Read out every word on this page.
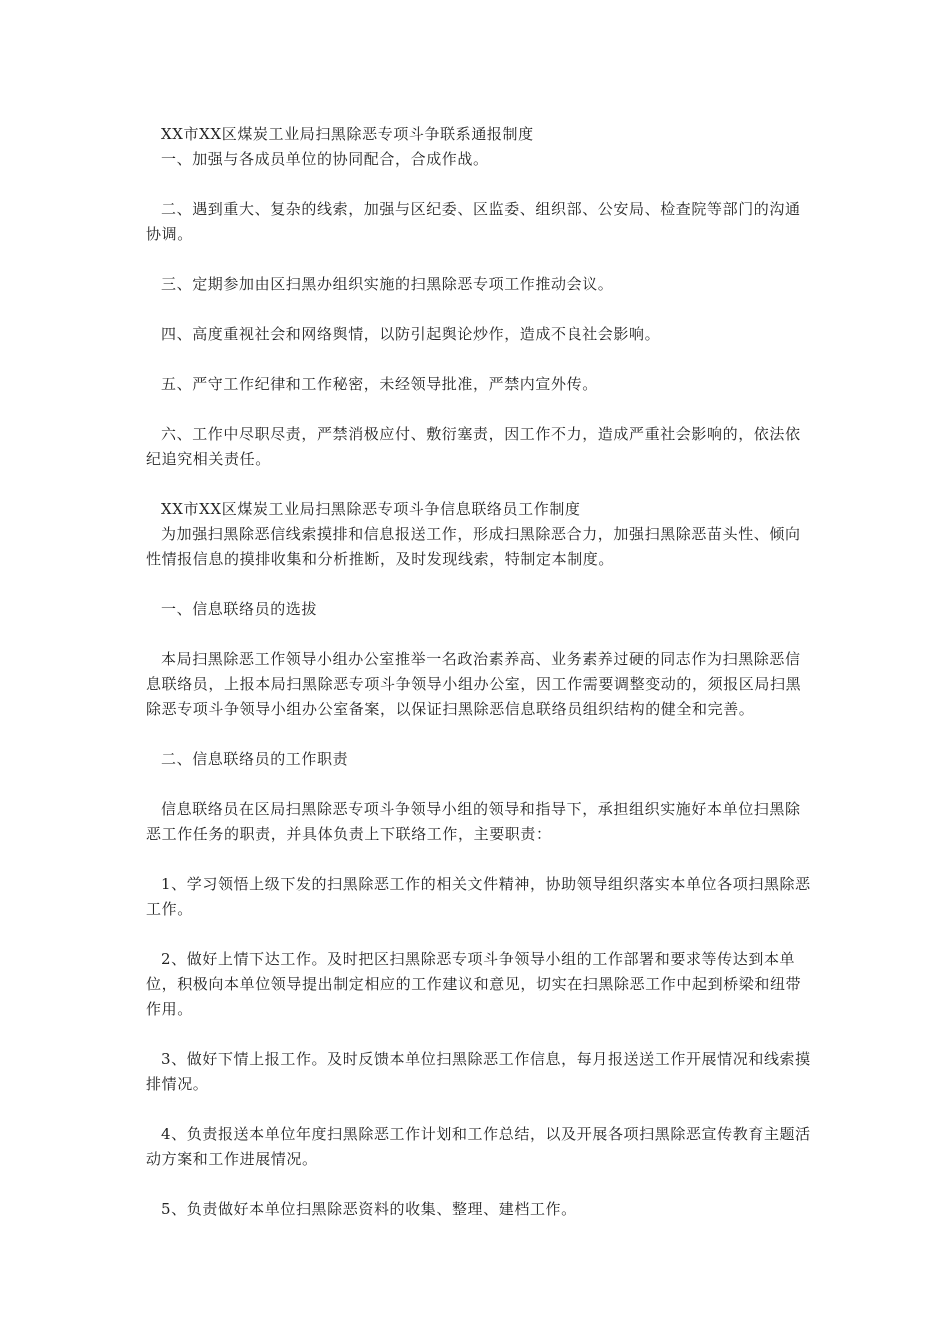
XX市XX区煤炭工业局扫黑除恶专项斗争联系通报制度

一、加强与各成员单位的协同配合，合成作战。

二、遇到重大、复杂的线索，加强与区纪委、区监委、组织部、公安局、检查院等部门的沟通协调。

三、定期参加由区扫黑办组织实施的扫黑除恶专项工作推动会议。

四、高度重视社会和网络舆情，以防引起舆论炒作，造成不良社会影响。

五、严守工作纪律和工作秘密，未经领导批准，严禁内宣外传。

六、工作中尽职尽责，严禁消极应付、敷衍塞责，因工作不力，造成严重社会影响的，依法依纪追究相关责任。

XX市XX区煤炭工业局扫黑除恶专项斗争信息联络员工作制度

为加强扫黑除恶信线索摸排和信息报送工作，形成扫黑除恶合力，加强扫黑除恶苗头性、倾向性情报信息的摸排收集和分析推断，及时发现线索，特制定本制度。

一、信息联络员的选拔

本局扫黑除恶工作领导小组办公室推举一名政治素养高、业务素养过硬的同志作为扫黑除恶信息联络员，上报本局扫黑除恶专项斗争领导小组办公室，因工作需要调整变动的，须报区局扫黑除恶专项斗争领导小组办公室备案，以保证扫黑除恶信息联络员组织结构的健全和完善。

二、信息联络员的工作职责

信息联络员在区局扫黑除恶专项斗争领导小组的领导和指导下，承担组织实施好本单位扫黑除恶工作任务的职责，并具体负责上下联络工作，主要职责：

1、学习领悟上级下发的扫黑除恶工作的相关文件精神，协助领导组织落实本单位各项扫黑除恶工作。

2、做好上情下达工作。及时把区扫黑除恶专项斗争领导小组的工作部署和要求等传达到本单位，积极向本单位领导提出制定相应的工作建议和意见，切实在扫黑除恶工作中起到桥梁和纽带作用。

3、做好下情上报工作。及时反馈本单位扫黑除恶工作信息，每月报送送工作开展情况和线索摸排情况。

4、负责报送本单位年度扫黑除恶工作计划和工作总结，以及开展各项扫黑除恶宣传教育主题活动方案和工作进展情况。

5、负责做好本单位扫黑除恶资料的收集、整理、建档工作。
